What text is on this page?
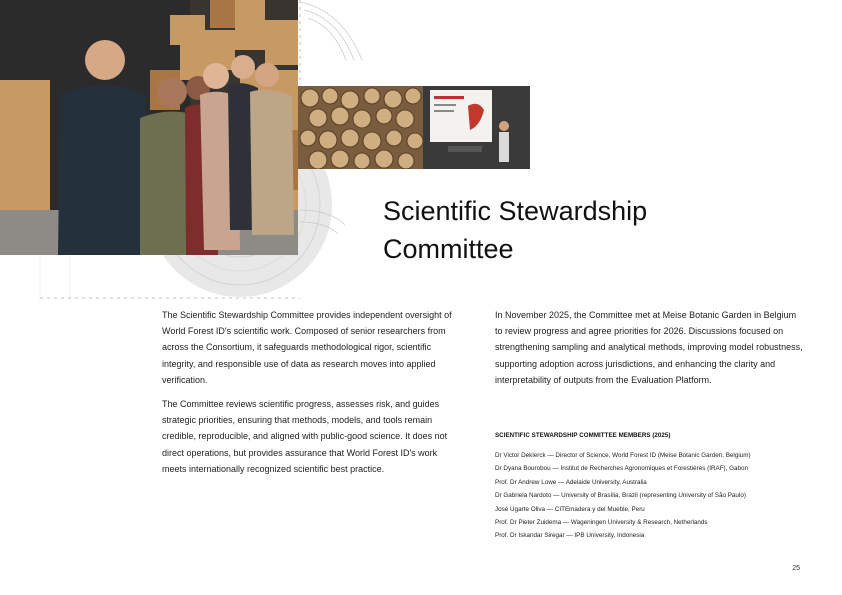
Scientific Stewardship
Committee

The Scientific Stewardship Committee provides independent oversight of World Forest ID's scientific work. Composed of senior researchers from across the Consortium, it safeguards methodological rigor, scientific integrity, and responsible use of data as research moves into applied verification.

The Committee reviews scientific progress, assesses risk, and guides strategic priorities, ensuring that methods, models, and tools remain credible, reproducible, and aligned with public-good science. It does not direct operations, but provides assurance that World Forest ID's work meets internationally recognized scientific best practice.

In November 2025, the Committee met at Meise Botanic Garden in Belgium to review progress and agree priorities for 2026. Discussions focused on strengthening sampling and analytical methods, improving model robustness, supporting adoption across jurisdictions, and enhancing the clarity and interpretability of outputs from the Evaluation Platform.

SCIENTIFIC STEWARDSHIP COMMITTEE MEMBERS (2025)
Dr Victor Deklerck — Director of Science, World Forest ID (Meise Botanic Garden, Belgium)
Dr Dyana Bourobou — Institut de Recherches Agronomiques et Forestières (IRAF), Gabon
Prof. Dr Andrew Lowe — Adelaide University, Australia
Dr Gabriela Nardoto — University of Brasília, Brazil (representing University of São Paulo)
José Ugarte Oliva — CITEmadera y del Mueble, Peru
Prof. Dr Pieter Zuidema — Wageningen University & Research, Netherlands
Prof. Dr Iskandar Siregar — IPB University, Indonesia
25
